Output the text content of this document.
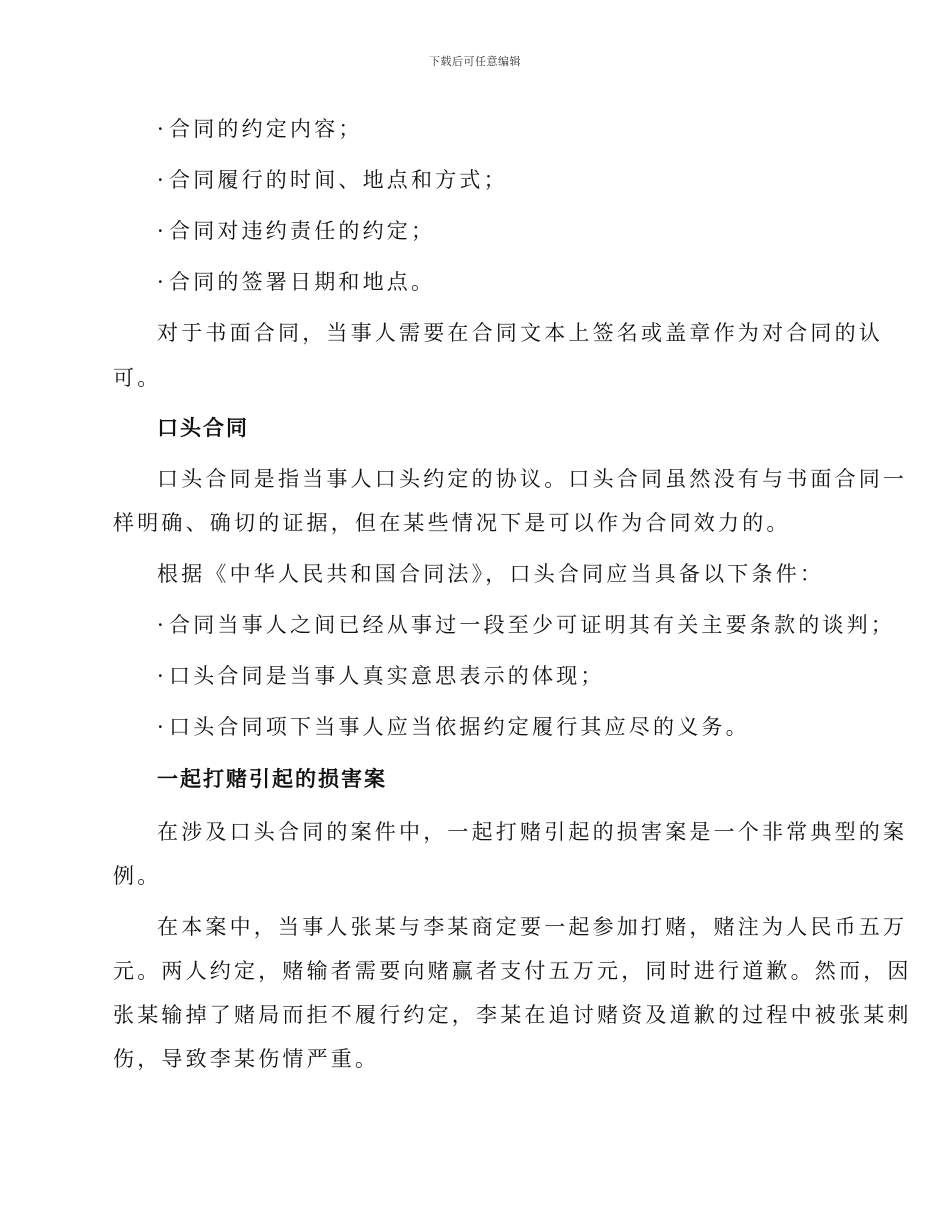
下载后可任意编辑
· 合同的约定内容；
· 合同履行的时间、地点和方式；
· 合同对违约责任的约定；
· 合同的签署日期和地点。
对于书面合同，当事人需要在合同文本上签名或盖章作为对合同的认
可。
口头合同
口头合同是指当事人口头约定的协议。口头合同虽然没有与书面合同一
样明确、确切的证据，但在某些情况下是可以作为合同效力的。
根据《中华人民共和国合同法》，口头合同应当具备以下条件：
· 合同当事人之间已经从事过一段至少可证明其有关主要条款的谈判；
· 口头合同是当事人真实意思表示的体现；
· 口头合同项下当事人应当依据约定履行其应尽的义务。
一起打赌引起的损害案
在涉及口头合同的案件中，一起打赌引起的损害案是一个非常典型的案
例。
在本案中，当事人张某与李某商定要一起参加打赌，赌注为人民币五万
元。两人约定，赌输者需要向赌赢者支付五万元，同时进行道歉。然而，因
张某输掉了赌局而拒不履行约定，李某在追讨赌资及道歉的过程中被张某刺
伤，导致李某伤情严重。
